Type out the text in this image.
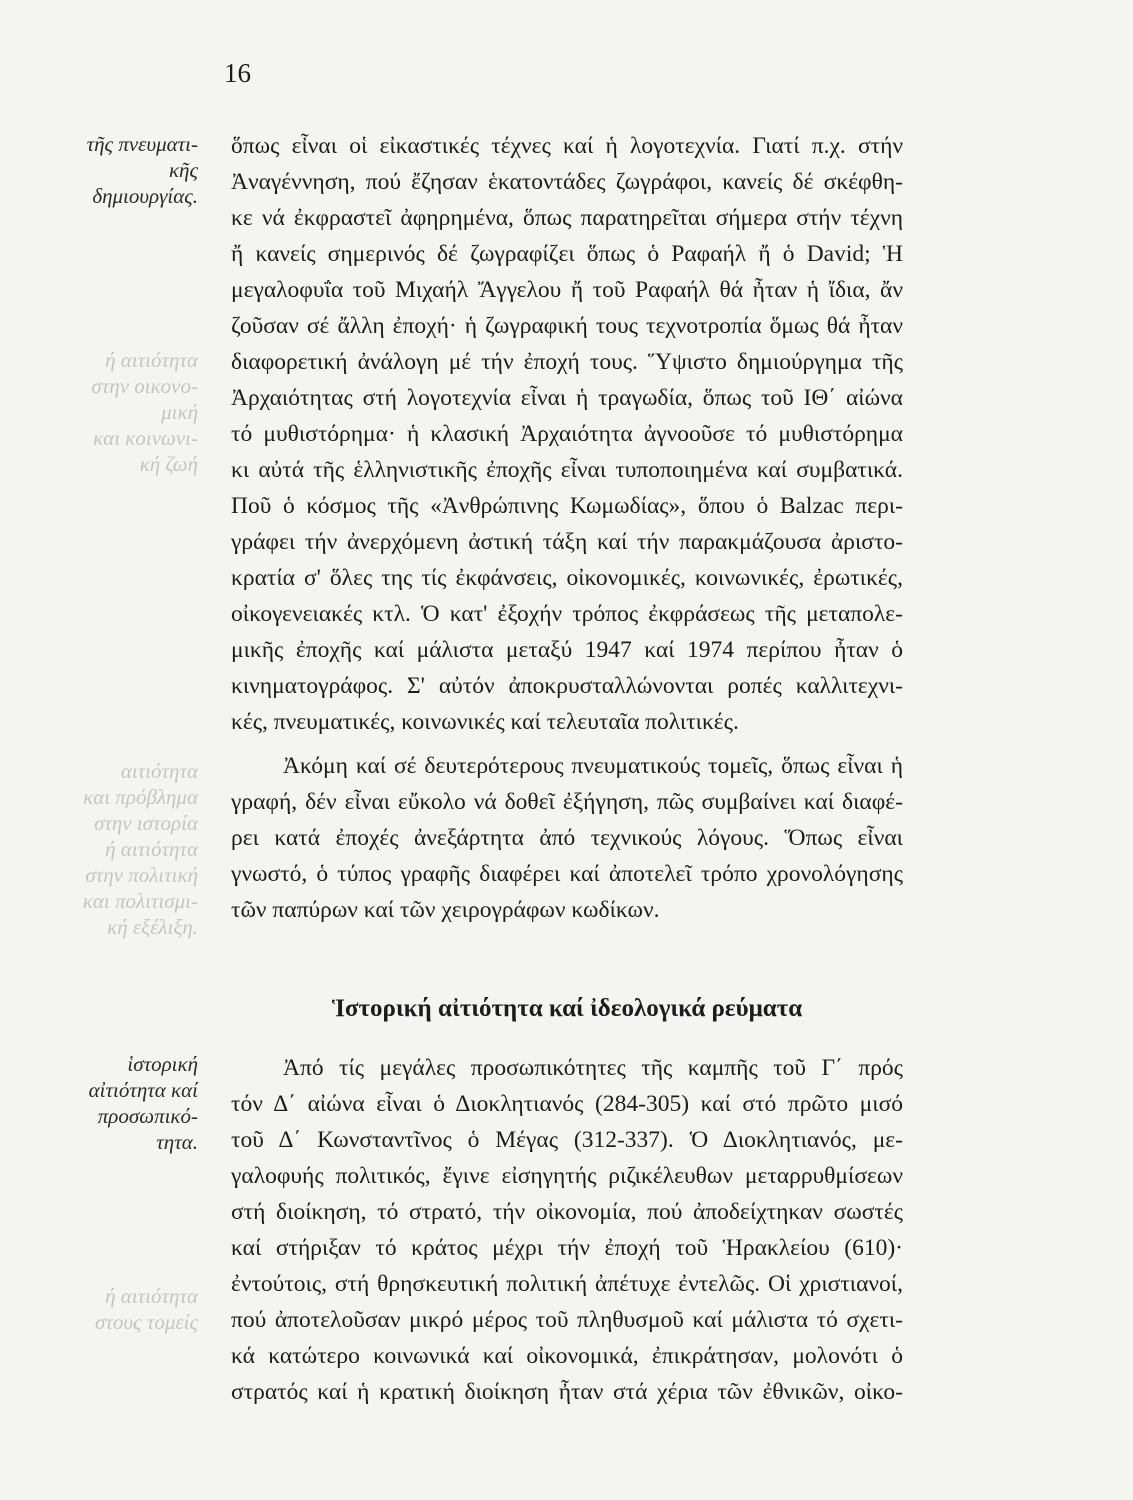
16
τῆς πνευματι-
κῆς
δημιουργίας.
ή αιτιότητα
στην οικονο-
μική
και κοινωνι-
κή ζωή
αιτιότητα
και πρόβλημα
στην ιστορία
ή αιτιότητα
στην πολιτική
και πολιτισμι-
κή εξέλιξη.
ἱστορική
αἰτιότητα καί
προσωπικό-
τητα.
ή αιτιότητα
στους τομείς
ὅπως εἶναι οἱ εἰκαστικές τέχνες καί ἡ λογοτεχνία. Γιατί π.χ. στήν
Ἀναγέννηση, πού ἔζησαν ἑκατοντάδες ζωγράφοι, κανείς δέ σκέφθη-
κε νά ἐκφραστεῖ ἀφηρημένα, ὅπως παρατηρεῖται σήμερα στήν τέχνη
ἤ κανείς σημερινός δέ ζωγραφίζει ὅπως ὁ Ραφαήλ ἤ ὁ David; Ἡ
μεγαλοφυΐα τοῦ Μιχαήλ Ἄγγελου ἤ τοῦ Ραφαήλ θά ἦταν ἡ ἴδια, ἄν
ζοῦσαν σέ ἄλλη ἐποχή· ἡ ζωγραφική τους τεχνοτροπία ὅμως θά ἦταν
διαφορετική ἀνάλογη μέ τήν ἐποχή τους. Ὕψιστο δημιούργημα τῆς
Ἀρχαιότητας στή λογοτεχνία εἶναι ἡ τραγωδία, ὅπως τοῦ ΙΘ΄ αἰώνα
τό μυθιστόρημα· ἡ κλασική Ἀρχαιότητα ἀγνοοῦσε τό μυθιστόρημα
κι αὐτά τῆς ἑλληνιστικῆς ἐποχῆς εἶναι τυποποιημένα καί συμβατικά.
Ποῦ ὁ κόσμος τῆς «Ἀνθρώπινης Κωμωδίας», ὅπου ὁ Balzac περι-
γράφει τήν ἀνερχόμενη ἀστική τάξη καί τήν παρακμάζουσα ἀριστο-
κρατία σ' ὅλες της τίς ἐκφάνσεις, οἰκονομικές, κοινωνικές, ἐρωτικές,
οἰκογενειακές κτλ. Ὁ κατ' ἐξοχήν τρόπος ἐκφράσεως τῆς μεταπολε-
μικῆς ἐποχῆς καί μάλιστα μεταξύ 1947 καί 1974 περίπου ἦταν ὁ
κινηματογράφος. Σ' αὐτόν ἀποκρυσταλλώνονται ροπές καλλιτεχνι-
κές, πνευματικές, κοινωνικές καί τελευταῖα πολιτικές.
Ἀκόμη καί σέ δευτερότερους πνευματικούς τομεῖς, ὅπως εἶναι ἡ
γραφή, δέν εἶναι εὔκολο νά δοθεῖ ἐξήγηση, πῶς συμβαίνει καί διαφέ-
ρει κατά ἐποχές ἀνεξάρτητα ἀπό τεχνικούς λόγους. Ὅπως εἶναι
γνωστό, ὁ τύπος γραφῆς διαφέρει καί ἀποτελεῖ τρόπο χρονολόγησης
τῶν παπύρων καί τῶν χειρογράφων κωδίκων.
Ἱστορική αἰτιότητα καί ἰδεολογικά ρεύματα
Ἀπό τίς μεγάλες προσωπικότητες τῆς καμπῆς τοῦ Γ΄ πρός
τόν Δ΄ αἰώνα εἶναι ὁ Διοκλητιανός (284-305) καί στό πρῶτο μισό
τοῦ Δ΄ Κωνσταντῖνος ὁ Μέγας (312-337). Ὁ Διοκλητιανός, με-
γαλοφυής πολιτικός, ἔγινε εἰσηγητής ριζικέλευθων μεταρρυθμίσεων
στή διοίκηση, τό στρατό, τήν οἰκονομία, πού ἀποδείχτηκαν σωστές
καί στήριξαν τό κράτος μέχρι τήν ἐποχή τοῦ Ἡρακλείου (610)·
ἐντούτοις, στή θρησκευτική πολιτική ἀπέτυχε ἐντελῶς. Οἱ χριστιανοί,
πού ἀποτελοῦσαν μικρό μέρος τοῦ πληθυσμοῦ καί μάλιστα τό σχετι-
κά κατώτερο κοινωνικά καί οἰκονομικά, ἐπικράτησαν, μολονότι ὁ
στρατός καί ἡ κρατική διοίκηση ἦταν στά χέρια τῶν ἐθνικῶν, οἰκο-
